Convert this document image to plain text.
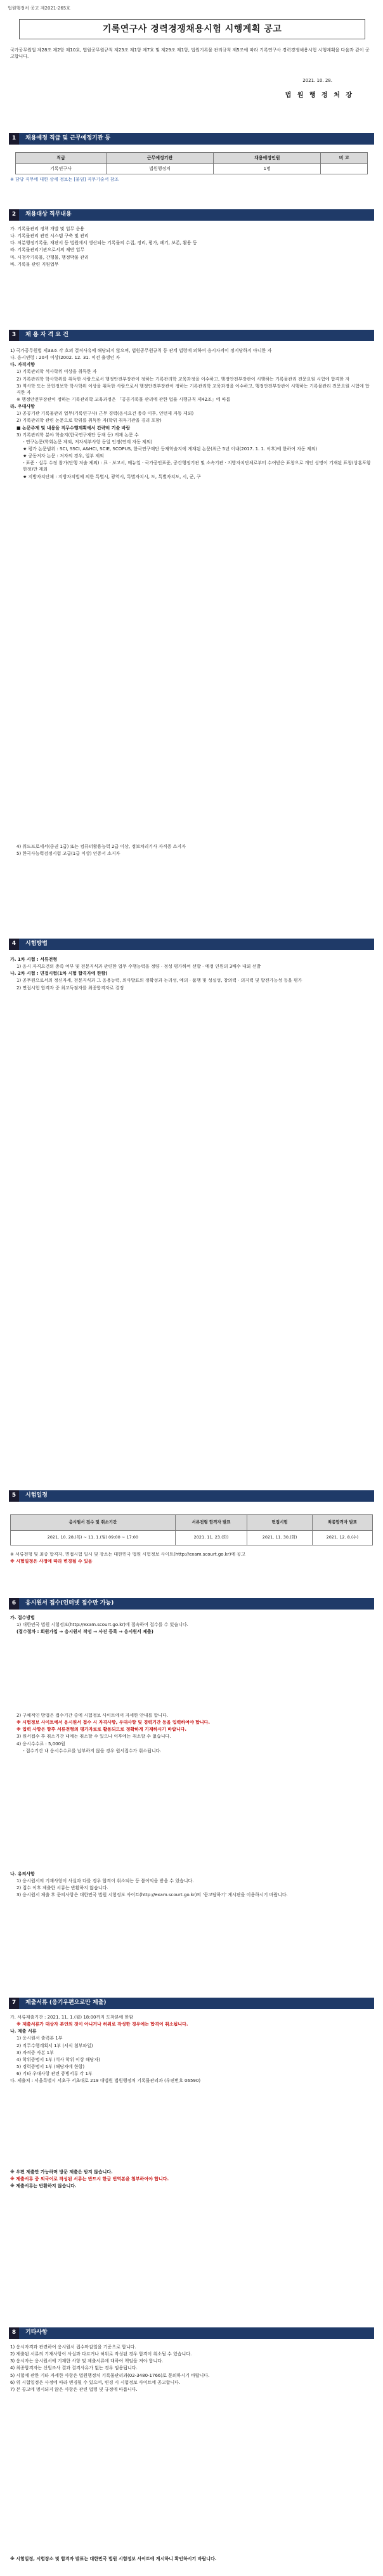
법원행정처 공고 제2021-265호
기록연구사 경력경쟁채용시험 시행계획 공고

국가공무원법 제28조 제2항 제10호, 법원공무원규칙 제23조 제1항 제7호 및 제29조 제1항, 법원기록물 관리규칙 제5조에 따라 기록연구사 경력경쟁채용시험 시행계획을 다음과 같이 공고합니다.

2021. 10. 28.
법 원 행 정 처 장
1	채용예정 직급 및 근무예정기관 등
직급	근무예정기관	채용예정인원	비 고
기록연구사	법원행정처	1명	

※ 담당 직무에 대한 상세 정보는 [붙임] 직무기술서 참조

2	채용대상 직무내용

가. 기록물관리 정책 개발 및 업무 운용

나. 기록물관리 관련 시스템 구축 및 관리

다. 처분행정기록물, 재판서 등 법원에서 생산되는 기록물의 수집, 정리, 평가, 폐기, 보존, 활용 등

라. 기록물관리기관으로서의 제반 업무

마. 시청각기록물, 간행물, 행정박물 관리

바. 기록물 관련 지원업무

3	채 용 자 격 요 건

1) 국가공무원법 제33조 각 호의 결격사유에 해당되지 않으며, 법원공무원규칙 등 관계 법령에 의하여 응시자격이 정지당하지 아니한 자

나. 응시연령 : 20세 이상(2002. 12. 31. 이전 출생인 자

다. 자격지향

1) 기록관리학 석사학위 이상을 취득한 자

2) 기록관리학 학사학위를 취득한 사람으로서 행정안전부장관이 정하는 기록관리학 교육과정을 이수하고, 행정안전부장관이 시행하는 기록물관리 전문요원 시험에 합격한 자

3) 역사학 또는 문헌정보학 학사학위 이상을 취득한 사람으로서 행정안전부장관이 정하는 기록관리학 교육과정을 이수하고, 행정안전부장관이 시행하는 기록물관리 전문요원 시험에 합격한 자

※ 행정안전부장관이 정하는 기록관리학 교육과정은 「공공기록물 관리에 관한 법률 시행규칙 제42조」에 따름

라. 우대사항

1) 공공기관 기록물관리 업무(기록연구사) 근무 경력(응시요건 충족 이후, 인턴제 자동 제외)

2) 기록관리학 관련 논문으로 학위를 취득한 자(학위 취득기관을 경리 포함)

■ 논문주제 및 내용을 직무수행계획에서 간략히 기술 바람

3) 기록관리학 분야 학술지(한국연구재단 등재 등) 게재 논문 수

- 연구논문(학회논문 제외, 저자세부사항 동일 인정(연계 자동 제외)

★ 평가 논문범위 : SCI, SSCI, A&HCI, SCIE, SCOPUS, 한국연구재단 등재학술지에 게재된 논문(최근 5년 이내(2017. 1. 1. 이후)에 한하여 자동 제외)

★ 공동저자 논문 : 저자의 경우, 일부 제외

- 표준 · 실무 수정 참가(단행 저술 제외) : 표 · 보고서, 매뉴얼 · 국가공인표준, 공간행정기관 및 소속기관 · 지방자치단체로부터 수여받은 표창으로 개인 성명이 기재된 표창(상훈포함 한정)만 제외

★ 지방자치단체 : 지방자치법에 의한 특별시, 광역시, 특별자치시, 도, 특별자치도, 시, 군, 구

4) 워드프로세서(중권 1급) 또는 컴퓨터활용능력 2급 이상, 정보처리기사 자격증 소지자

5) 한국사능력검정시험 고급(1급 이상) 인증서 소지자

4	시험방법

가. 1차 시험 : 서류전형

1) 응시 자격요건의 충족 여부 및 전문지식과 관련한 업무 수행능력을 정량 · 정성 평가하여 선발 · 예정 인원의 3배수 내외 선발

나. 2차 시험 : 면접시험(1차 시험 합격자에 한함)

1) 공무원으로서의 정신자세, 전문지식과 그 응용능력, 의사발표의 정확성과 논리성, 예의 · 품행 및 성실성, 창의력 · 의지력 및 발전가능성 등을 평가

2) 면접시험 합격자 중 최고득점자를 최종합격자로 결정

5	시험일정
응시원서 접수 및 취소기간	서류전형 합격자 발표	면접시험	최종합격자 발표
2021. 10. 28.(목) ~ 11. 1.(월) 09:00 ~ 17:00	2021. 11. 23.(화)	2021. 11. 30.(화)	2021. 12. 8.(수)

※ 서류전형 및 최종 합격자, 면접시험 일시 및 장소는 대한민국 법원 시험정보 사이트(http://exam.scourt.go.kr)에 공고

※ 시험일정은 사정에 따라 변경될 수 있음

6	응시원서 접수(인터넷 접수만 가능)

가. 접수방법

1) 대한민국 법원 시험정보(http://exam.scourt.go.kr)에 접속하여 접수를 수 있습니다.

(접수절차 : 회원가입 → 응시원서 작성 → 사진 등록 → 응시원서 제출)

2) 구체적인 방법은 접수기간 중에 시험정보 사이트에서 자세한 안내를 합니다.

※ 시험정보 사이트에서 응시원서 접수 시 자격사항, 우대사항 및 경력기간 등을 입력하여야 합니다.

※ 입력 사항은 향후 서류전형의 평가자료로 활용되므로 정확하게 기재하시기 바랍니다.

3) 원서접수 후 취소기간 내에는 취소할 수 있으나 이후에는 취소할 수 없습니다.

4) 응시수수료 : 5,000원

- 접수기간 내 응시수수료를 납부하지 않을 경우 원서접수가 취소됩니다.

나. 유의사항

1) 응시원서의 기재사항이 사실과 다를 경우 합격이 취소되는 등 불이익을 받을 수 있습니다.

2) 접수 이후 제출한 서류는 반환하지 않습니다.

3) 응시원서 제출 후 문의사항은 대한민국 법원 시험정보 사이트(http://exam.scourt.go.kr)의 '묻고답하기' 게시판을 이용하시기 바랍니다.

7	제출서류 (응기우편으로만 제출)

가. 서류제출기간 : 2021. 11. 1.(월) 18:00까지 도착분에 한함

※ 제출서류가 대상자 본인의 것이 아니거나 허위로 작성한 경우에는 합격이 취소됩니다.

나. 제출 서류

1) 응시원서 출력본 1부

2) 직무수행계획서 1부 (서식 첨부파일)

3) 자격증 사본 1부

4) 학위증명서 1부 (석사 학위 이상 해당자)

5) 경력증명서 1부 (해당자에 한함)

6) 기타 우대사항 관련 증빙서류 각 1부

다. 제출처 : 서울특별시 서초구 서초대로 219 대법원 법원행정처 기록물관리과 (우편번호 06590)

※ 우편 제출만 가능하며 방문 제출은 받지 않습니다.

※ 제출서류 중 외국어로 작성된 서류는 반드시 한글 번역본을 첨부하여야 합니다.

※ 제출서류는 반환하지 않습니다.

8	기타사항

1) 응시자격과 관련하여 응시원서 접수마감일을 기준으로 합니다.

2) 제출된 서류의 기재사항이 사실과 다르거나 허위로 작성된 경우 합격이 취소될 수 있습니다.

3) 응시자는 응시원서에 기재한 사항 및 제출서류에 대하여 책임을 져야 합니다.

4) 최종합격자는 신원조사 결과 결격사유가 없는 경우 임용됩니다.

5) 시험에 관한 기타 자세한 사항은 법원행정처 기록물관리과(02-3480-1766)로 문의하시기 바랍니다.

6) 위 시험일정은 사정에 따라 변경될 수 있으며, 변경 시 시험정보 사이트에 공고합니다.

7) 본 공고에 명시되지 않은 사항은 관련 법령 및 규정에 따릅니다.

※ 시험일정, 시험장소 및 합격자 발표는 대한민국 법원 시험정보 사이트에 게시하니 확인하시기 바랍니다.
